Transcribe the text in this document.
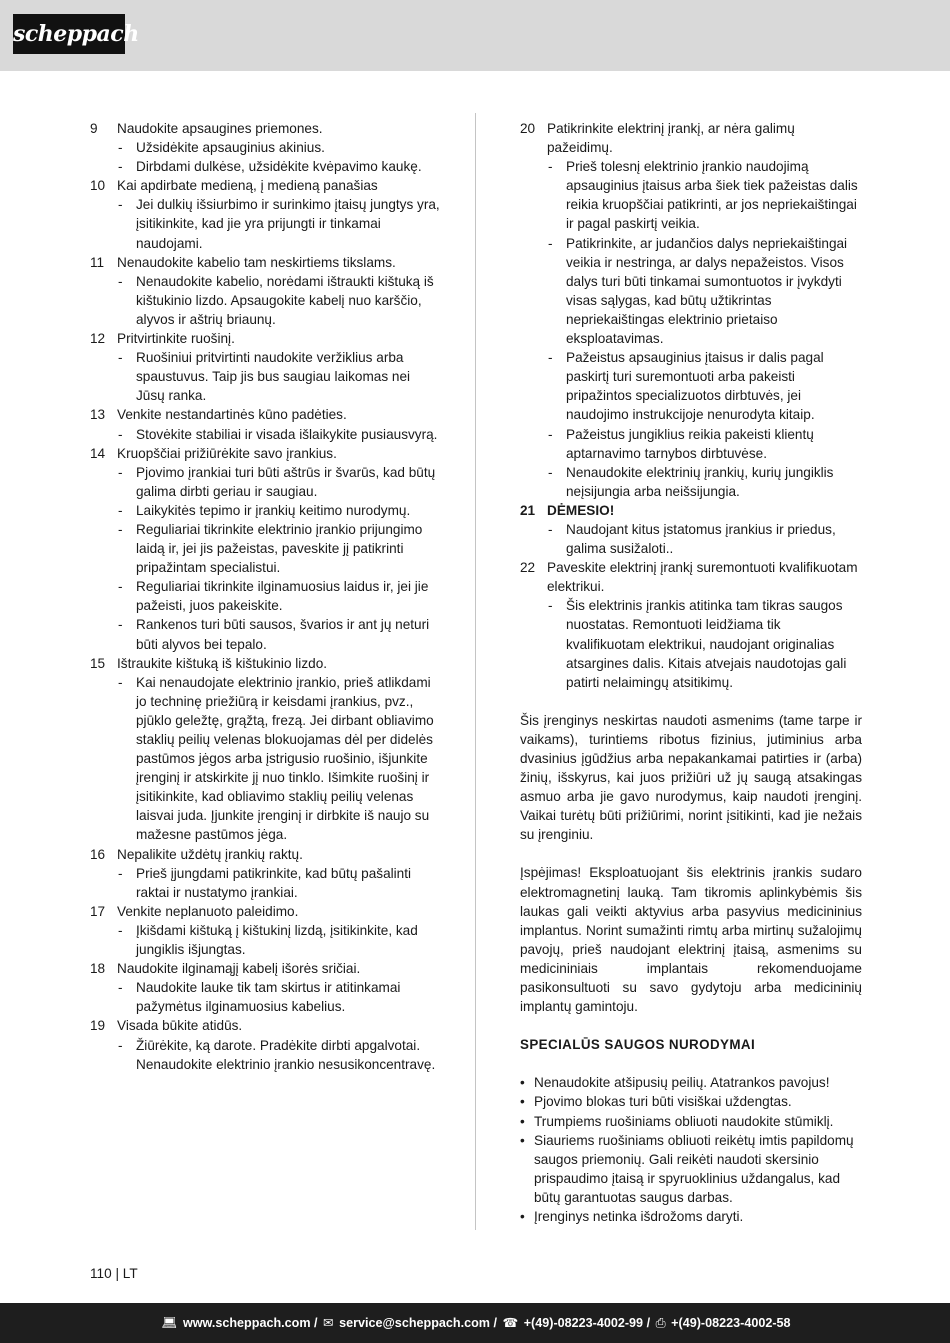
scheppach
9	Naudokite apsaugines priemones.
- Užsidėkite apsauginius akinius.
- Dirbdami dulkėse, užsidėkite kvėpavimo kaukę.
10 Kai apdirbate medieną, į medieną panašias
- Jei dulkių išsiurbimo ir surinkimo įtaisų jungtys yra, įsitikinkite, kad jie yra prijungti ir tinkamai naudojami.
11 Nenaudokite kabelio tam neskirtiems tikslams.
- Nenaudokite kabelio, norėdami ištraukti kištuką iš kištukinio lizdo. Apsaugokite kabelį nuo karščio, alyvos ir aštrių briaunų.
12 Pritvirtinkite ruošinį.
- Ruošiniui pritvirtinti naudokite veržiklius arba spaustuvus. Taip jis bus saugiau laikomas nei Jūsų ranka.
13 Venkite nestandartinės kūno padėties.
- Stovėkite stabiliai ir visada išlaikykite pusiausvyrą.
14 Kruopščiai prižiūrėkite savo įrankius.
- Pjovimo įrankiai turi būti aštrūs ir švarūs, kad būtų galima dirbti geriau ir saugiau.
- Laikykitės tepimo ir įrankių keitimo nurodymų.
- Reguliariai tikrinkite elektrinio įrankio prijungimo laidą ir, jei jis pažeistas, paveskite jį patikrinti pripažintam specialistui.
- Reguliariai tikrinkite ilginamuosius laidus ir, jei jie pažeisti, juos pakeiskite.
- Rankenos turi būti sausos, švarios ir ant jų neturi būti alyvos bei tepalo.
15 Ištraukite kištuką iš kištukinio lizdo.
- Kai nenaudojate elektrinio įrankio, prieš atlikdami jo techninę priežiūrą ir keisdami įrankius, pvz., pjūklo geležtę, grąžtą, frezą. Jei dirbant obliavimo staklių peilių velenas blokuojamas dėl per didelės pastūmos jėgos arba įstrigusio ruošinio, išjunkite įrenginį ir atskirkite jį nuo tinklo. Išimkite ruošinį ir įsitikinkite, kad obliavimo staklių peilių velenas laisvai juda. Įjunkite įrenginį ir dirbkite iš naujo su mažesne pastūmos jėga.
16 Nepalikite uždėtų įrankių raktų.
- Prieš įjungdami patikrinkite, kad būtų pašalinti raktai ir nustatymo įrankiai.
17 Venkite neplanuoto paleidimo.
- Įkišdami kištuką į kištukinį lizdą, įsitikinkite, kad jungiklis išjungtas.
18 Naudokite ilginamąjį kabelį išorės sričiai.
- Naudokite lauke tik tam skirtus ir atitinkamai pažymėtus ilginamuosius kabelius.
19 Visada būkite atidūs.
- Žiūrėkite, ką darote. Pradėkite dirbti apgalvotai. Nenaudokite elektrinio įrankio nesusikoncentravę.
20 Patikrinkite elektrinį įrankį, ar nėra galimų pažeidimų.
- Prieš tolesnį elektrinio įrankio naudojimą apsauginius įtaisus arba šiek tiek pažeistas dalis reikia kruopščiai patikrinti, ar jos nepriekaištingai ir pagal paskirtį veikia.
- Patikrinkite, ar judančios dalys nepriekaištingai veikia ir nestringa, ar dalys nepažeistos. Visos dalys turi būti tinkamai sumontuotos ir įvykdyti visas sąlygas, kad būtų užtikrintas nepriekaištingas elektrinio prietaiso eksploatavimas.
- Pažeistus apsauginius įtaisus ir dalis pagal paskirtį turi suremontuoti arba pakeisti pripažintos specializuotos dirbtuvės, jei naudojimo instrukcijoje nenurodyta kitaip.
- Pažeistus jungiklius reikia pakeisti klientų aptarnavimo tarnybos dirbtuvėse.
- Nenaudokite elektrinių įrankių, kurių jungiklis neįsijungia arba neišsijungia.
21 DĖMESIO!
- Naudojant kitus įstatomus įrankius ir priedus, galima susižaloti..
22 Paveskite elektrinį įrankį suremontuoti kvalifikuotam elektrikui.
- Šis elektrinis įrankis atitinka tam tikras saugos nuostatas. Remontuoti leidžiama tik kvalifikuotam elektrikui, naudojant originalias atsargines dalis. Kitais atvejais naudotojas gali patirti nelaimingų atsitikimų.

Šis įrenginys neskirtas naudoti asmenims (tame tarpe ir vaikams), turintiems ribotus fizinius, jutiminius arba dvasinius įgūdžius arba nepakankamai patirties ir (arba) žinių, išskyrus, kai juos prižiūri už jų saugą atsakingas asmuo arba jie gavo nurodymus, kaip naudoti įrenginį. Vaikai turėtų būti prižiūrimi, norint įsitikinti, kad jie nežais su įrenginiu.

Įspėjimas! Eksploatuojant šis elektrinis įrankis sudaro elektromagnetinį lauką. Tam tikromis aplinkybėmis šis laukas gali veikti aktyvius arba pasyvius medicininius implantus. Norint sumažinti rimtų arba mirtinų sužalojimų pavojų, prieš naudojant elektrinį įtaisą, asmenims su medicininiais implantais rekomenduojame pasikonsultuoti su savo gydytoju arba medicininių implantų gamintoju.

SPECIALŪS SAUGOS NURODYMAI
• Nenaudokite atšipusių peilių. Atatrankos pavojus!
• Pjovimo blokas turi būti visiškai uždengtas.
• Trumpiems ruošiniams obliuoti naudokite stūmiklį.
• Siauriems ruošiniams obliuoti reikėtų imtis papildomų saugos priemonių. Gali reikėti naudoti skersinio prispaudimo įtaisą ir spyruoklinius uždangalus, kad būtų garantuotas saugus darbas.
• Įrenginys netinka išdrožoms daryti.
110 | LT
💻︎ www.scheppach.com / ✉︎ service@scheppach.com / ☎︎ +(49)-08223-4002-99 / ⎙ +(49)-08223-4002-58
